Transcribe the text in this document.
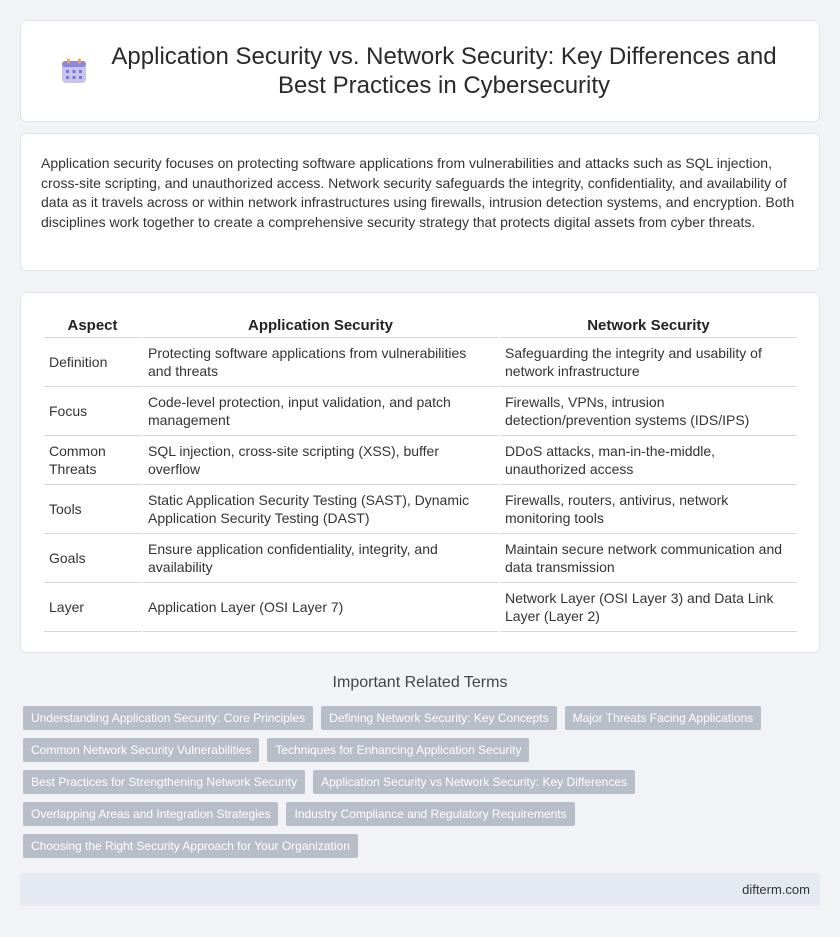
Application Security vs. Network Security: Key Differences and Best Practices in Cybersecurity

Application security focuses on protecting software applications from vulnerabilities and attacks such as SQL injection, cross-site scripting, and unauthorized access. Network security safeguards the integrity, confidentiality, and availability of data as it travels across or within network infrastructures using firewalls, intrusion detection systems, and encryption. Both disciplines work together to create a comprehensive security strategy that protects digital assets from cyber threats.

Aspect	Application Security	Network Security
Definition	Protecting software applications from vulnerabilities and threats	Safeguarding the integrity and usability of network infrastructure
Focus	Code-level protection, input validation, and patch management	Firewalls, VPNs, intrusion detection/prevention systems (IDS/IPS)
Common Threats	SQL injection, cross-site scripting (XSS), buffer overflow	DDoS attacks, man-in-the-middle, unauthorized access
Tools	Static Application Security Testing (SAST), Dynamic Application Security Testing (DAST)	Firewalls, routers, antivirus, network monitoring tools
Goals	Ensure application confidentiality, integrity, and availability	Maintain secure network communication and data transmission
Layer	Application Layer (OSI Layer 7)	Network Layer (OSI Layer 3) and Data Link Layer (Layer 2)
Important Related Terms
Understanding Application Security: Core Principles	Defining Network Security: Key Concepts	Major Threats Facing Applications
Common Network Security Vulnerabilities	Techniques for Enhancing Application Security
Best Practices for Strengthening Network Security	Application Security vs Network Security: Key Differences
Overlapping Areas and Integration Strategies	Industry Compliance and Regulatory Requirements
Choosing the Right Security Approach for Your Organization
difterm.com
